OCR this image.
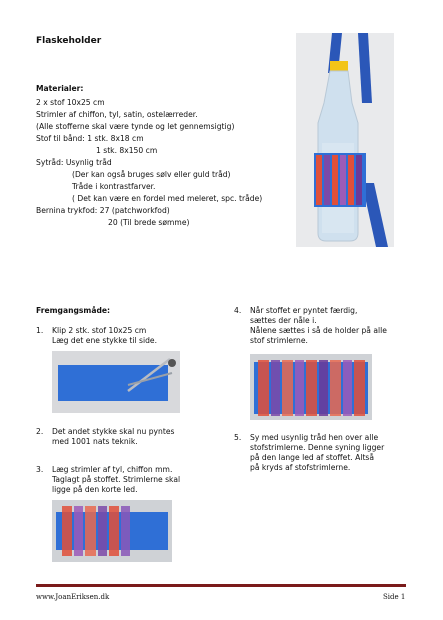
Flaskeholder
Materialer:
2 x stof 10x25 cm
Strimler af chiffon, tyl, satin, ostelærreder.
(Alle stofferne skal være tynde og let gennemsigtig)
Stof til bånd: 1 stk. 8x18 cm
1 stk. 8x150 cm
Sytråd: Usynlig tråd
(Der kan også bruges sølv eller guld tråd)
Tråde i kontrastfarver.
( Det kan være en fordel med meleret, spc. tråde)
Bernina trykfod: 27 (patchworkfod)
20 (Til brede sømme)
Fremgangsmåde:
1. Klip 2 stk. stof 10x25 cm
Læg det ene stykke til side.
2. Det andet stykke skal nu pyntes
med 1001 nats teknik.
3. Læg strimler af tyl, chiffon mm.
Taglagt på stoffet. Strimlerne skal
ligge på den korte led.
4. Når stoffet er pyntet færdig,
sættes der nåle i.
Nålene sættes i så de holder på alle
stof strimlerne.
5. Sy med usynlig tråd hen over alle
stofstrimlerne. Denne syning ligger
på den lange led af stoffet. Altså
på kryds af stofstrimlerne.
www.JoanEriksen.dk	Side 1
